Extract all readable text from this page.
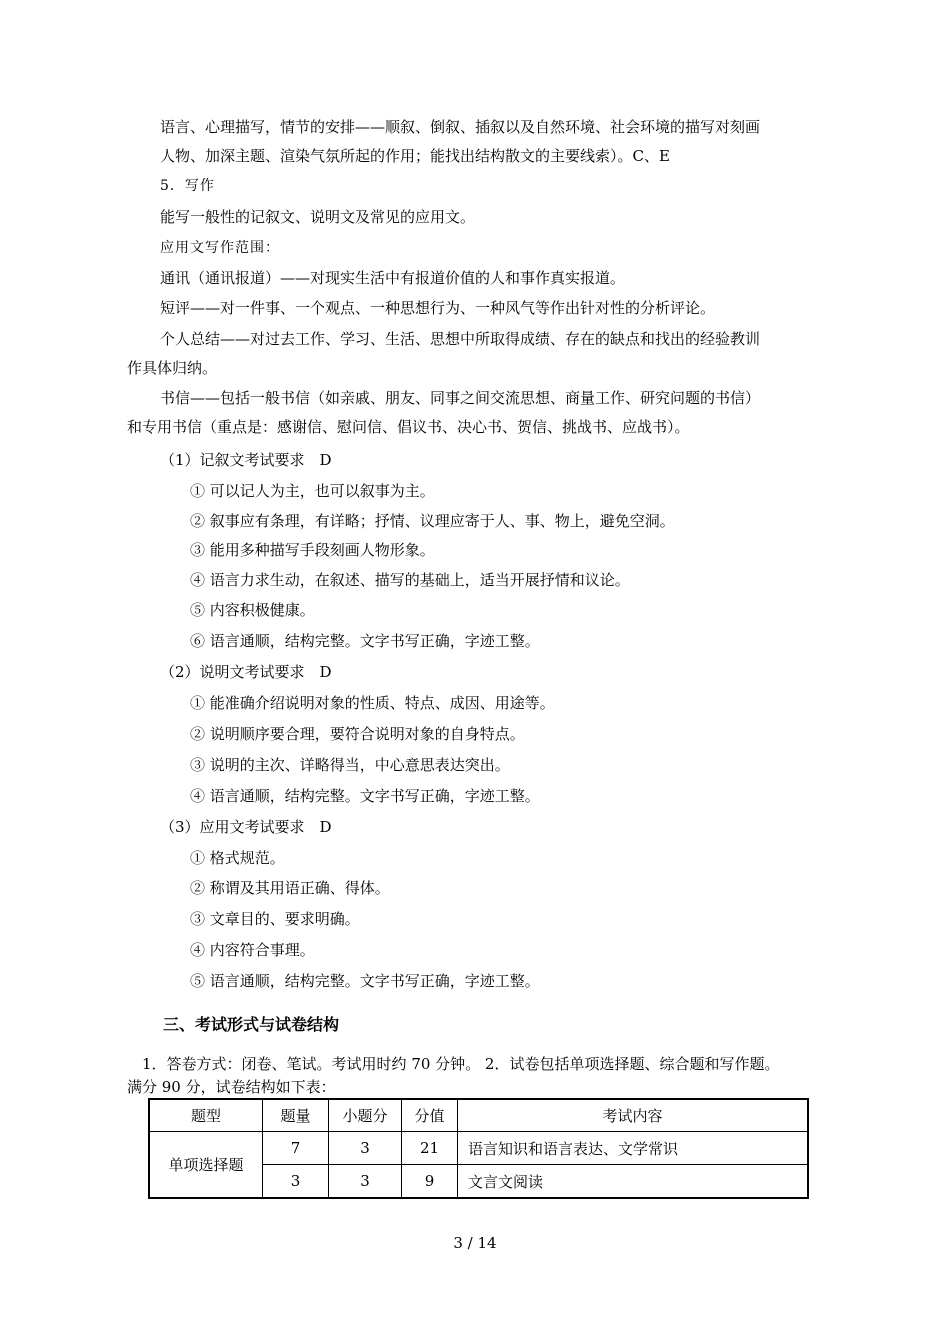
语言、心理描写，情节的安排——顺叙、倒叙、插叙以及自然环境、社会环境的描写对刻画
人物、加深主题、渲染气氛所起的作用；能找出结构散文的主要线索）。C、E
5．写作
能写一般性的记叙文、说明文及常见的应用文。
应用文写作范围：
通讯（通讯报道）——对现实生活中有报道价值的人和事作真实报道。
短评——对一件事、一个观点、一种思想行为、一种风气等作出针对性的分析评论。
个人总结——对过去工作、学习、生活、思想中所取得成绩、存在的缺点和找出的经验教训
作具体归纳。
书信——包括一般书信（如亲戚、朋友、同事之间交流思想、商量工作、研究问题的书信）
和专用书信（重点是：感谢信、慰问信、倡议书、决心书、贺信、挑战书、应战书）。
（1）记叙文考试要求　D
① 可以记人为主，也可以叙事为主。
② 叙事应有条理，有详略；抒情、议理应寄于人、事、物上，避免空洞。
③ 能用多种描写手段刻画人物形象。
④ 语言力求生动，在叙述、描写的基础上，适当开展抒情和议论。
⑤ 内容积极健康。
⑥ 语言通顺，结构完整。文字书写正确，字迹工整。
（2）说明文考试要求　D
① 能准确介绍说明对象的性质、特点、成因、用途等。
② 说明顺序要合理，要符合说明对象的自身特点。
③ 说明的主次、详略得当，中心意思表达突出。
④ 语言通顺，结构完整。文字书写正确，字迹工整。
（3）应用文考试要求　D
① 格式规范。
② 称谓及其用语正确、得体。
③ 文章目的、要求明确。
④ 内容符合事理。
⑤ 语言通顺，结构完整。文字书写正确，字迹工整。
三、考试形式与试卷结构
1．答卷方式：闭卷、笔试。考试用时约 70 分钟。 2．试卷包括单项选择题、综合题和写作题。
满分 90 分，试卷结构如下表：
题型	题量	小题分	分值	考试内容
单项选择题	7	3	21	语言知识和语言表达、文学常识
	3	3	9	文言文阅读
3 / 14
